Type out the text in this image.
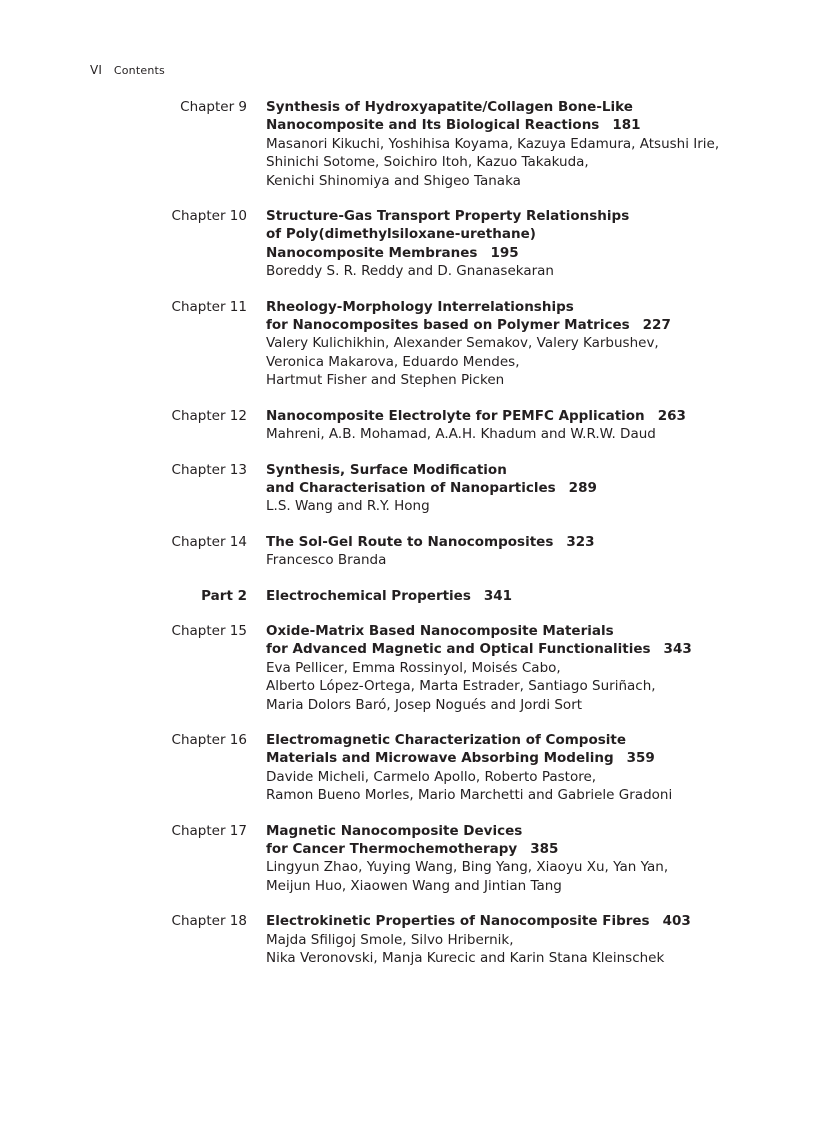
VI Contents
Chapter 9 Synthesis of Hydroxyapatite/Collagen Bone-Like
Nanocomposite and Its Biological Reactions 181
Masanori Kikuchi, Yoshihisa Koyama, Kazuya Edamura, Atsushi Irie,
Shinichi Sotome, Soichiro Itoh, Kazuo Takakuda,
Kenichi Shinomiya and Shigeo Tanaka
Chapter 10 Structure-Gas Transport Property Relationships
of Poly(dimethylsiloxane-urethane)
Nanocomposite Membranes 195
Boreddy S. R. Reddy and D. Gnanasekaran
Chapter 11 Rheology-Morphology Interrelationships
for Nanocomposites based on Polymer Matrices 227
Valery Kulichikhin, Alexander Semakov, Valery Karbushev,
Veronica Makarova, Eduardo Mendes,
Hartmut Fisher and Stephen Picken
Chapter 12 Nanocomposite Electrolyte for PEMFC Application 263
Mahreni, A.B. Mohamad, A.A.H. Khadum and W.R.W. Daud
Chapter 13 Synthesis, Surface Modification
and Characterisation of Nanoparticles 289
L.S. Wang and R.Y. Hong
Chapter 14 The Sol-Gel Route to Nanocomposites 323
Francesco Branda
Part 2 Electrochemical Properties 341
Chapter 15 Oxide-Matrix Based Nanocomposite Materials
for Advanced Magnetic and Optical Functionalities 343
Eva Pellicer, Emma Rossinyol, Moisés Cabo,
Alberto López-Ortega, Marta Estrader, Santiago Suriñach,
Maria Dolors Baró, Josep Nogués and Jordi Sort
Chapter 16 Electromagnetic Characterization of Composite
Materials and Microwave Absorbing Modeling 359
Davide Micheli, Carmelo Apollo, Roberto Pastore,
Ramon Bueno Morles, Mario Marchetti and Gabriele Gradoni
Chapter 17 Magnetic Nanocomposite Devices
for Cancer Thermochemotherapy 385
Lingyun Zhao, Yuying Wang, Bing Yang, Xiaoyu Xu, Yan Yan,
Meijun Huo, Xiaowen Wang and Jintian Tang
Chapter 18 Electrokinetic Properties of Nanocomposite Fibres 403
Majda Sfiligoj Smole, Silvo Hribernik,
Nika Veronovski, Manja Kurecic and Karin Stana Kleinschek
